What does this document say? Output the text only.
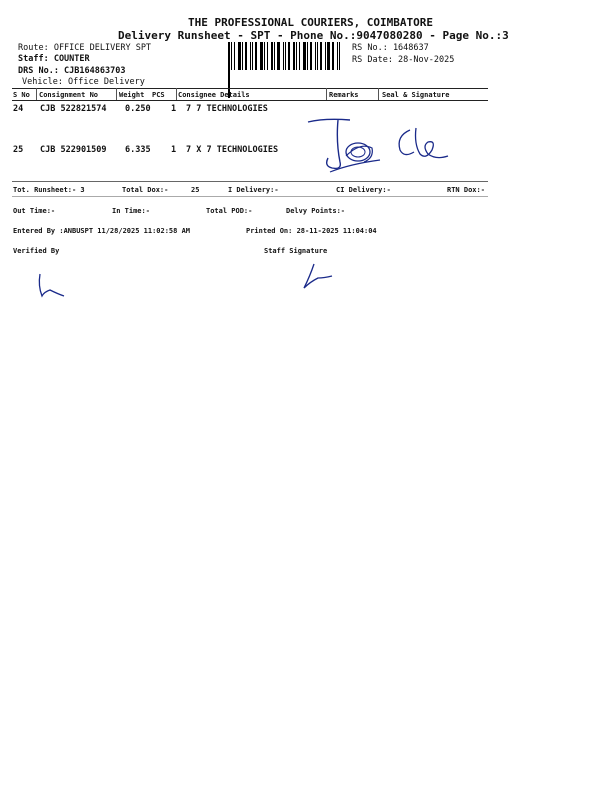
THE PROFESSIONAL COURIERS, COIMBATORE
Delivery Runsheet - SPT - Phone No.:9047080280 - Page No.:3
Route: OFFICE DELIVERY SPT
Staff: COUNTER
DRS No.: CJB164863703
Vehicle: Office Delivery
RS No.: 1648637
RS Date: 28-Nov-2025
S No Consignment No	Weight PCS Consignee Details	Remarks	Seal & Signature
24 CJB 522821574 0.250 1 7 7 TECHNOLOGIES
25 CJB 522901509 6.335 1 7 X 7 TECHNOLOGIES
Tot. Runsheet:- 3	Total Dox:-	25	I Delivery:-	CI Delivery:-	RTN Dox:-
Out Time:-	In Time:-	Total POD:-	Delvy Points:-
Entered By :ANBUSPT 11/28/2025 11:02:58 AM	Printed On: 28-11-2025 11:04:04
Verified By	Staff Signature
